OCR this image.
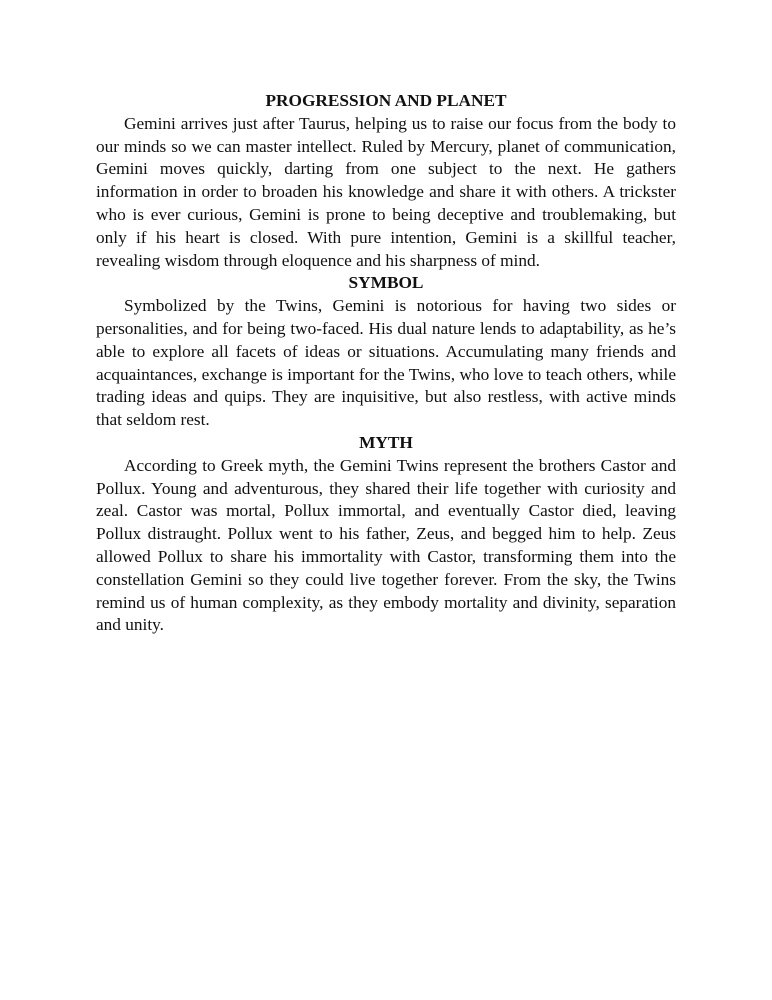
PROGRESSION AND PLANET

Gemini arrives just after Taurus, helping us to raise our focus from the body to our minds so we can master intellect. Ruled by Mercury, planet of communication, Gemini moves quickly, darting from one subject to the next. He gathers information in order to broaden his knowledge and share it with others. A trickster who is ever curious, Gemini is prone to being deceptive and troublemaking, but only if his heart is closed. With pure intention, Gemini is a skillful teacher, revealing wisdom through eloquence and his sharpness of mind.

SYMBOL

Symbolized by the Twins, Gemini is notorious for having two sides or personalities, and for being two-faced. His dual nature lends to adaptability, as he’s able to explore all facets of ideas or situations. Accumulating many friends and acquaintances, exchange is important for the Twins, who love to teach others, while trading ideas and quips. They are inquisitive, but also restless, with active minds that seldom rest.

MYTH

According to Greek myth, the Gemini Twins represent the brothers Castor and Pollux. Young and adventurous, they shared their life together with curiosity and zeal. Castor was mortal, Pollux immortal, and eventually Castor died, leaving Pollux distraught. Pollux went to his father, Zeus, and begged him to help. Zeus allowed Pollux to share his immortality with Castor, transforming them into the constellation Gemini so they could live together forever. From the sky, the Twins remind us of human complexity, as they embody mortality and divinity, separation and unity.
